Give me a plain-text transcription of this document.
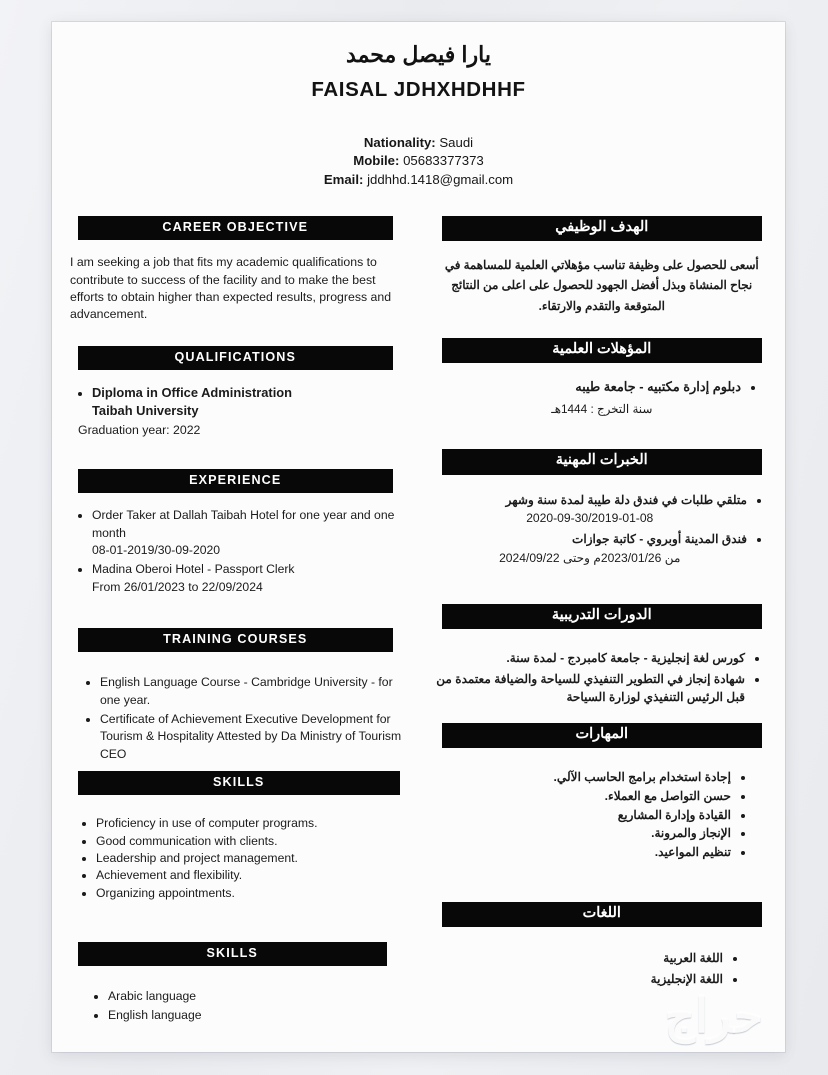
يارا فيصل محمد
FAISAL JDHXHDHHF
Nationality: Saudi
Mobile: 05683377373
Email: jddhhd.1418@gmail.com
CAREER OBJECTIVE
I am seeking a job that fits my academic qualifications to contribute to success of the facility and to make the best efforts to obtain higher than expected results, progress and advancement.
QUALIFICATIONS
• Diploma in Office Administration
Taibah University
Graduation year: 2022
EXPERIENCE
• Order Taker at Dallah Taibah Hotel for one year and one month
08-01-2019/30-09-2020
• Madina Oberoi Hotel - Passport Clerk
From 26/01/2023 to 22/09/2024
TRAINING COURSES
• English Language Course - Cambridge University - for one year.
• Certificate of Achievement Executive Development for Tourism & Hospitality Attested by Da Ministry of Tourism CEO
SKILLS
• Proficiency in use of computer programs.
• Good communication with clients.
• Leadership and project management.
• Achievement and flexibility.
• Organizing appointments.
SKILLS
• Arabic language
• English language
الهدف الوظيفي
أسعى للحصول على وظيفة تناسب مؤهلاتي العلمية للمساهمة في نجاح المنشاة وبذل أفضل الجهود للحصول على اعلى من النتائج المتوقعة والتقدم والارتقاء.
المؤهلات العلمية
• دبلوم إدارة مكتبيه - جامعة طيبه
سنة التخرج : 1444هـ
الخبرات المهنية
• متلقي طلبات في فندق دلة طيبة لمدة سنة وشهر
2020-09-30/2019-01-08
• فندق المدينة أوبروي - كاتبة جوازات
من 2023/01/26م وحتى 2024/09/22
الدورات التدريبية
• كورس لغة إنجليزية - جامعة كامبردج - لمدة سنة.
• شهادة إنجاز في التطوير التنفيذي للسياحة والضيافة معتمدة من قبل الرئيس التنفيذي لوزارة السياحة
المهارات
• إجادة استخدام برامج الحاسب الآلي.
• حسن التواصل مع العملاء.
• القيادة وإدارة المشاريع
• الإنجاز والمرونة.
• تنظيم المواعيد.
اللغات
• اللغة العربية
• اللغة الإنجليزية
حراج
